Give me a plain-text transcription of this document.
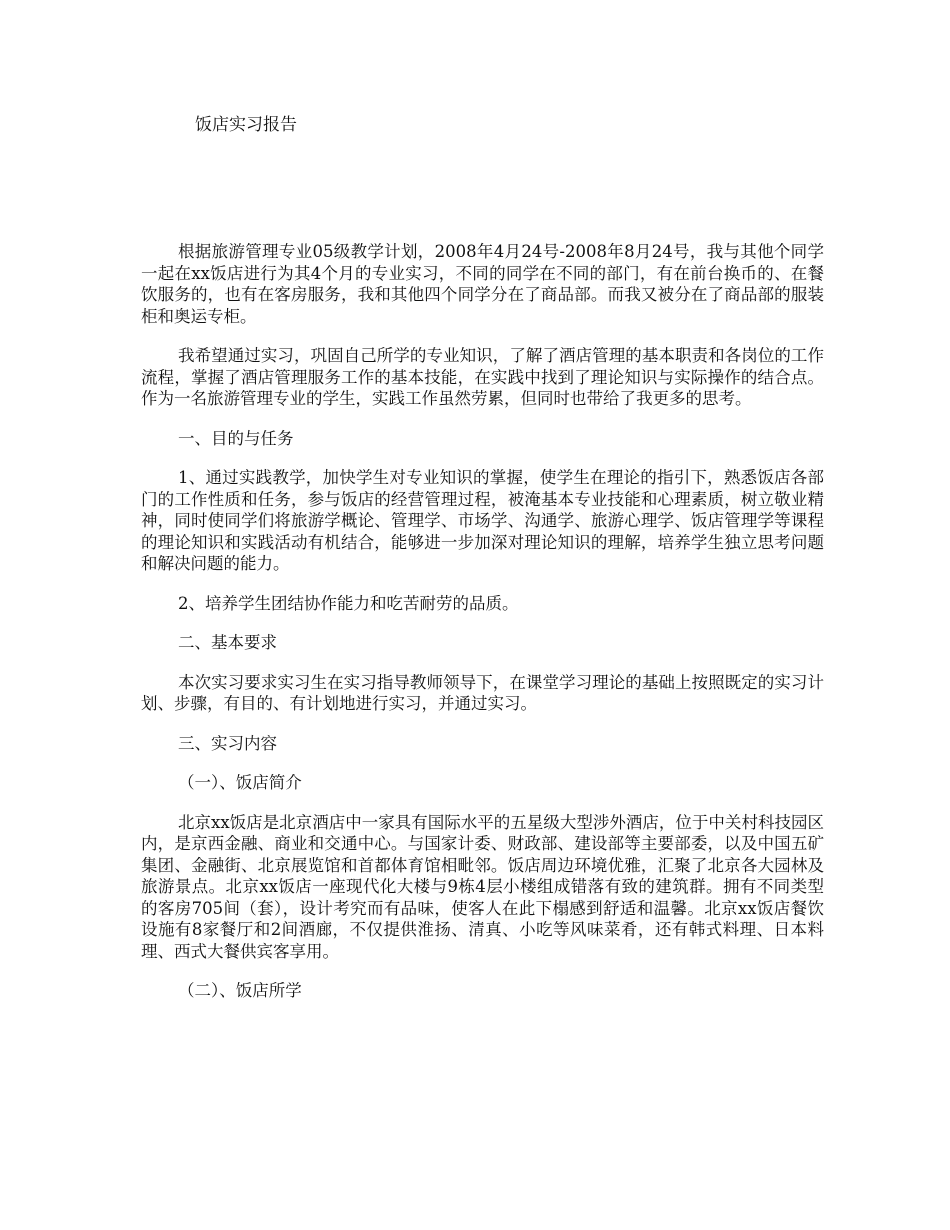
饭店实习报告

根据旅游管理专业05级教学计划，2008年4月24号-2008年8月24号，我与其他个同学一起在xx饭店进行为其4个月的专业实习，不同的同学在不同的部门，有在前台换币的、在餐饮服务的，也有在客房服务，我和其他四个同学分在了商品部。而我又被分在了商品部的服装柜和奥运专柜。

我希望通过实习，巩固自己所学的专业知识，了解了酒店管理的基本职责和各岗位的工作流程，掌握了酒店管理服务工作的基本技能，在实践中找到了理论知识与实际操作的结合点。作为一名旅游管理专业的学生，实践工作虽然劳累，但同时也带给了我更多的思考。

一、目的与任务

1、通过实践教学，加快学生对专业知识的掌握，使学生在理论的指引下，熟悉饭店各部门的工作性质和任务，参与饭店的经营管理过程，被淹基本专业技能和心理素质，树立敬业精神，同时使同学们将旅游学概论、管理学、市场学、沟通学、旅游心理学、饭店管理学等课程的理论知识和实践活动有机结合，能够进一步加深对理论知识的理解，培养学生独立思考问题和解决问题的能力。

2、培养学生团结协作能力和吃苦耐劳的品质。

二、基本要求

本次实习要求实习生在实习指导教师领导下，在课堂学习理论的基础上按照既定的实习计划、步骤，有目的、有计划地进行实习，并通过实习。

三、实习内容

（一）、饭店简介

北京xx饭店是北京酒店中一家具有国际水平的五星级大型涉外酒店，位于中关村科技园区内，是京西金融、商业和交通中心。与国家计委、财政部、建设部等主要部委，以及中国五矿集团、金融街、北京展览馆和首都体育馆相毗邻。饭店周边环境优雅，汇聚了北京各大园林及旅游景点。北京xx饭店一座现代化大楼与9栋4层小楼组成错落有致的建筑群。拥有不同类型的客房705间（套），设计考究而有品味，使客人在此下榻感到舒适和温馨。北京xx饭店餐饮设施有8家餐厅和2间酒廊，不仅提供淮扬、清真、小吃等风味菜肴，还有韩式料理、日本料理、西式大餐供宾客享用。

（二）、饭店所学
